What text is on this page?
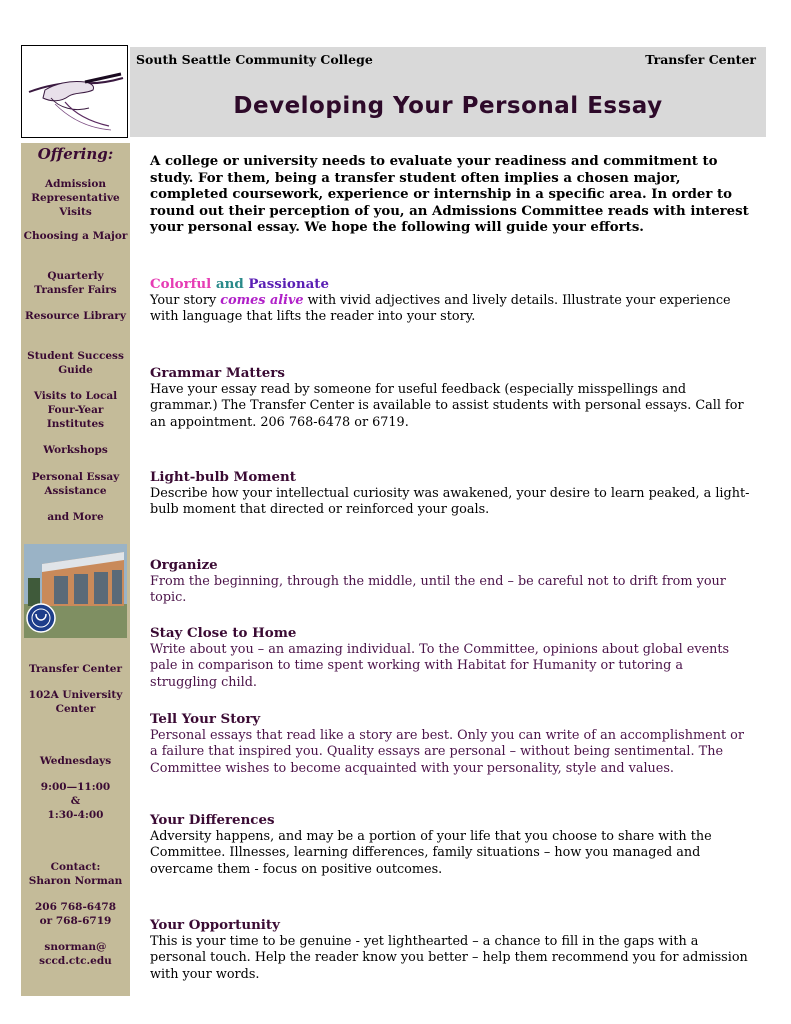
South Seattle Community College	Transfer Center
Developing Your Personal Essay
Offering:
Admission Representative Visits
Choosing a Major
Quarterly Transfer Fairs
Resource Library
Student Success Guide
Visits to Local Four-Year Institutes
Workshops
Personal Essay Assistance
and More
Transfer Center
102A University Center
Wednesdays
9:00—11:00
&
1:30-4:00
Contact:
Sharon Norman
206 768-6478 or 768-6719
snorman@
sccd.ctc.edu
A college or university needs to evaluate your readiness and commitment to study. For them, being a transfer student often implies a chosen major, completed coursework, experience or internship in a specific area. In order to round out their perception of you, an Admissions Committee reads with interest your personal essay. We hope the following will guide your efforts.
Colorful and Passionate
Your story comes alive with vivid adjectives and lively details. Illustrate your experience with language that lifts the reader into your story.
Grammar Matters
Have your essay read by someone for useful feedback (especially misspellings and grammar.) The Transfer Center is available to assist students with personal essays. Call for an appointment. 206 768-6478 or 6719.
Light-bulb Moment
Describe how your intellectual curiosity was awakened, your desire to learn peaked, a light-bulb moment that directed or reinforced your goals.
Organize
From the beginning, through the middle, until the end – be careful not to drift from your topic.
Stay Close to Home
Write about you – an amazing individual. To the Committee, opinions about global events pale in comparison to time spent working with Habitat for Humanity or tutoring a struggling child.
Tell Your Story
Personal essays that read like a story are best. Only you can write of an accomplishment or a failure that inspired you. Quality essays are personal – without being sentimental. The Committee wishes to become acquainted with your personality, style and values.
Your Differences
Adversity happens, and may be a portion of your life that you choose to share with the Committee. Illnesses, learning differences, family situations – how you managed and overcame them - focus on positive outcomes.
Your Opportunity
This is your time to be genuine - yet lighthearted – a chance to fill in the gaps with a personal touch. Help the reader know you better – help them recommend you for admission with your words.
